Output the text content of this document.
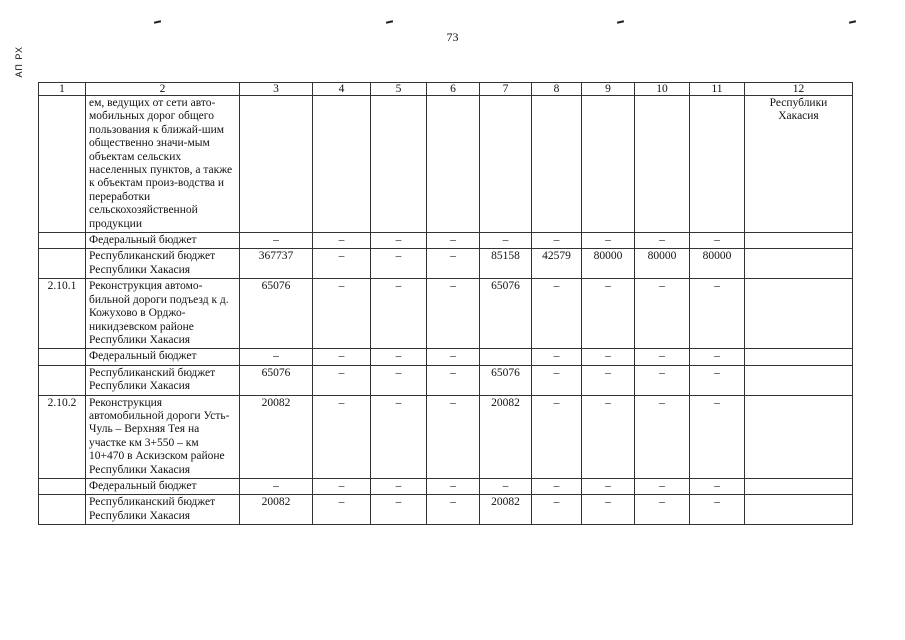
АП РХ
73
1	2	3	4	5	6	7	8	9	10	11	12
	ем, ведущих от сети авто-мобильных дорог общего пользования к ближай-шим общественно значи-мым объектам сельских населенных пунктов, а также к объектам произ-водства и переработки сельскохозяйственной продукции										Республики Хакасия
	Федеральный бюджет	–	–	–	–	–	–	–	–	–	
	Республиканский бюджет Республики Хакасия	367737	–	–	–	85158	42579	80000	80000	80000	
2.10.1	Реконструкция автомо-бильной дороги подъезд к д. Кожухово в Орджо-никидзевском районе Республики Хакасия	65076	–	–	–	65076	–	–	–	–	
	Федеральный бюджет	–	–	–	–		–	–	–	–	
	Республиканский бюджет Республики Хакасия	65076	–	–	–	65076	–	–	–	–	
2.10.2	Реконструкция автомобильной дороги Усть-Чуль – Верхняя Тея на участке км 3+550 – км 10+470 в Аскизском районе Республики Хакасия	20082	–	–	–	20082	–	–	–	–	
	Федеральный бюджет	–	–	–	–	–	–	–	–	–	
	Республиканский бюджет Республики Хакасия	20082	–	–	–	20082	–	–	–	–	
